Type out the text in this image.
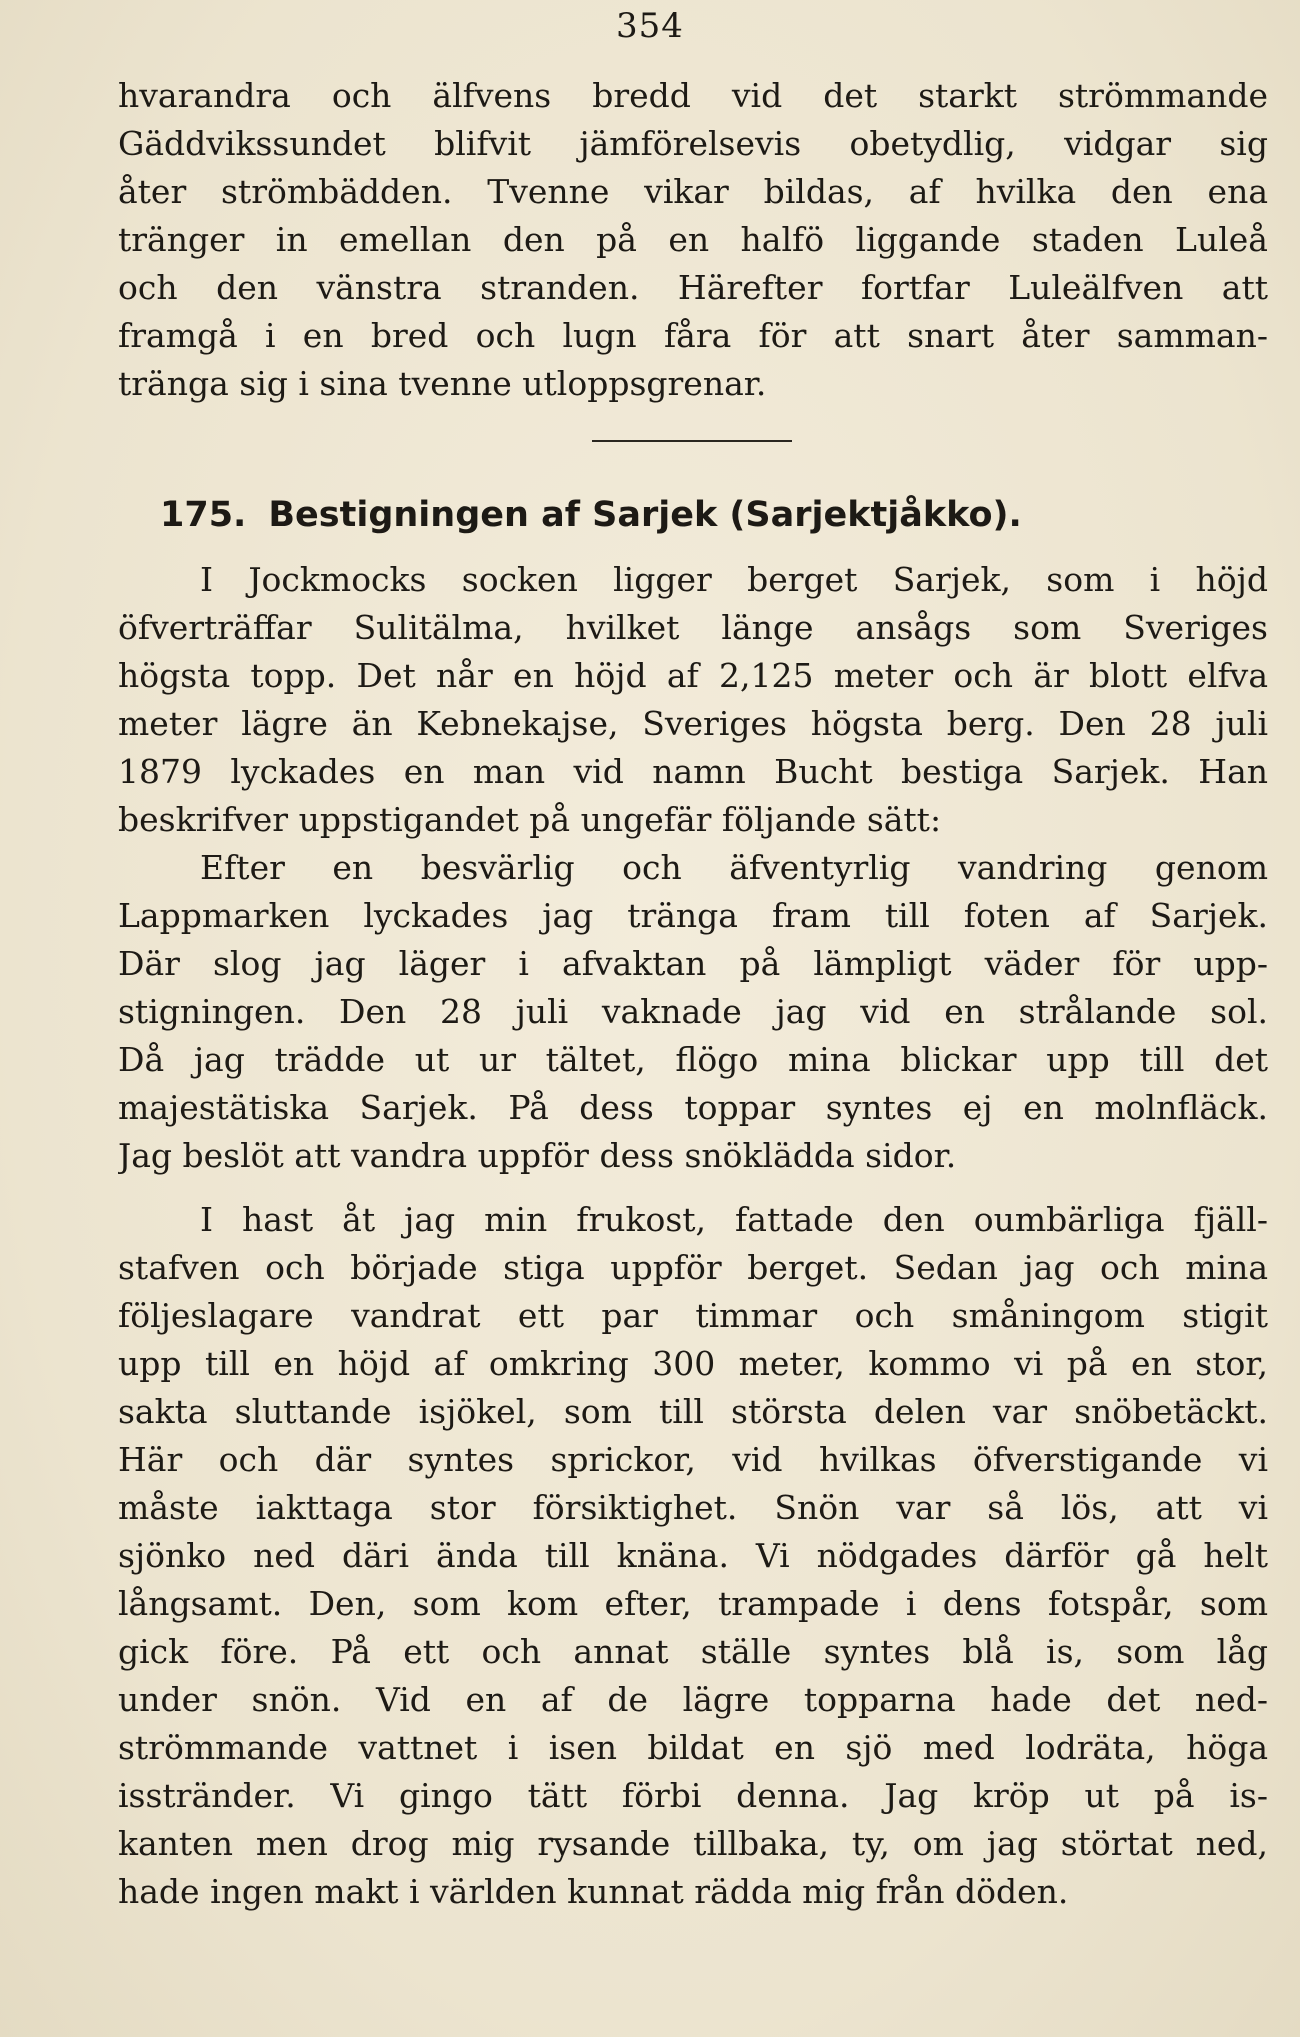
354
hvarandra och älfvens bredd vid det starkt strömmande
Gäddvikssundet blifvit jämförelsevis obetydlig, vidgar sig
åter strömbädden. Tvenne vikar bildas, af hvilka den ena
tränger in emellan den på en halfö liggande staden Luleå
och den vänstra stranden. Härefter fortfar Luleälfven att
framgå i en bred och lugn fåra för att snart åter samman-
tränga sig i sina tvenne utloppsgrenar.
175. Bestigningen af Sarjek (Sarjektjåkko).
I Jockmocks socken ligger berget Sarjek, som i höjd
öfverträffar Sulitälma, hvilket länge ansågs som Sveriges
högsta topp. Det når en höjd af 2,125 meter och är blott elfva
meter lägre än Kebnekajse, Sveriges högsta berg. Den 28 juli
1879 lyckades en man vid namn Bucht bestiga Sarjek. Han
beskrifver uppstigandet på ungefär följande sätt:
Efter en besvärlig och äfventyrlig vandring genom
Lappmarken lyckades jag tränga fram till foten af Sarjek.
Där slog jag läger i afvaktan på lämpligt väder för upp-
stigningen. Den 28 juli vaknade jag vid en strålande sol.
Då jag trädde ut ur tältet, flögo mina blickar upp till det
majestätiska Sarjek. På dess toppar syntes ej en molnfläck.
Jag beslöt att vandra uppför dess snöklädda sidor.
I hast åt jag min frukost, fattade den oumbärliga fjäll-
stafven och började stiga uppför berget. Sedan jag och mina
följeslagare vandrat ett par timmar och småningom stigit
upp till en höjd af omkring 300 meter, kommo vi på en stor,
sakta sluttande isjökel, som till största delen var snöbetäckt.
Här och där syntes sprickor, vid hvilkas öfverstigande vi
måste iakttaga stor försiktighet. Snön var så lös, att vi
sjönko ned däri ända till knäna. Vi nödgades därför gå helt
långsamt. Den, som kom efter, trampade i dens fotspår, som
gick före. På ett och annat ställe syntes blå is, som låg
under snön. Vid en af de lägre topparna hade det ned-
strömmande vattnet i isen bildat en sjö med lodräta, höga
isstränder. Vi gingo tätt förbi denna. Jag kröp ut på is-
kanten men drog mig rysande tillbaka, ty, om jag störtat ned,
hade ingen makt i världen kunnat rädda mig från döden.
